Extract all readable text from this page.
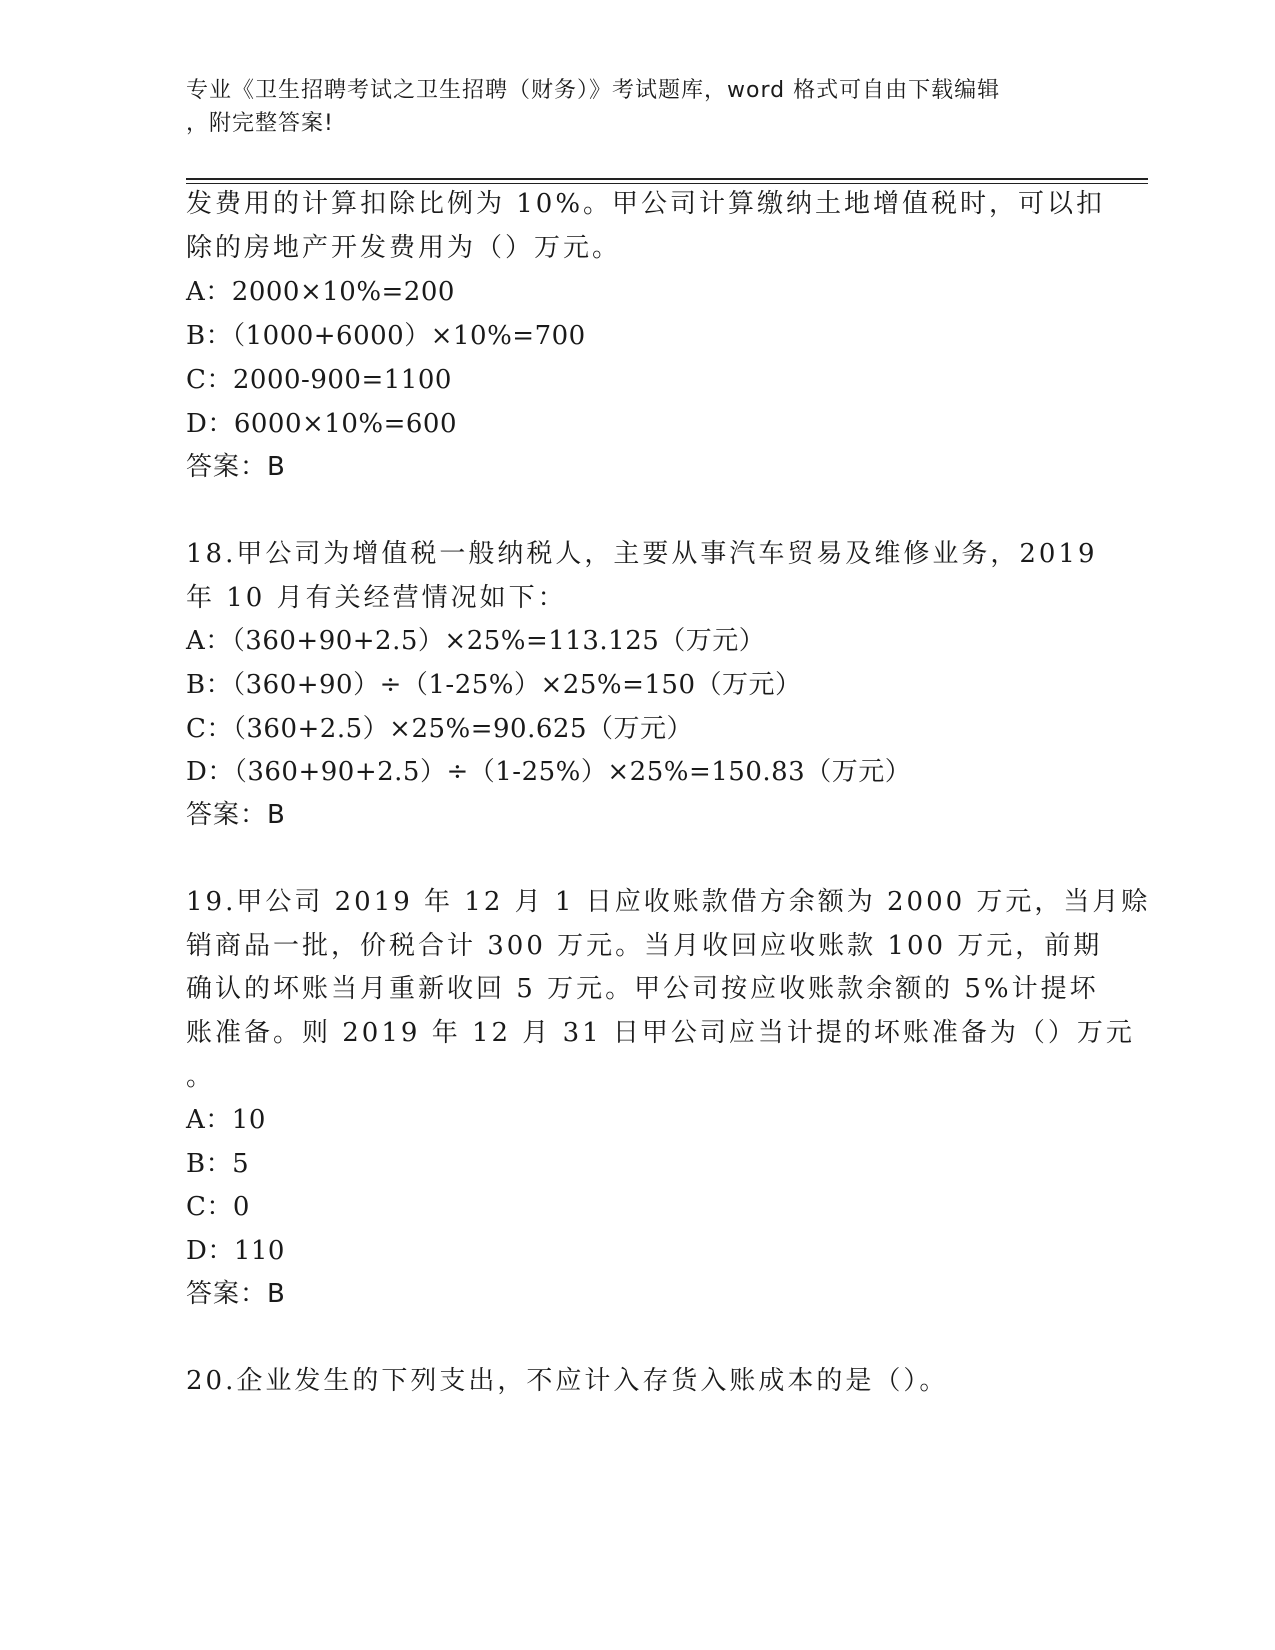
专业《卫生招聘考试之卫生招聘（财务）》考试题库，word 格式可自由下载编辑
，附完整答案!
发费用的计算扣除比例为 10%。甲公司计算缴纳土地增值税时，可以扣
除的房地产开发费用为（）万元。
A：2000×10%=200
B：（1000+6000）×10%=700
C：2000-900=1100
D：6000×10%=600
答案：B
18.甲公司为增值税一般纳税人，主要从事汽车贸易及维修业务，2019
年 10 月有关经营情况如下：
A：（360+90+2.5）×25%=113.125（万元）
B：（360+90）÷（1-25%）×25%=150（万元）
C：（360+2.5）×25%=90.625（万元）
D：（360+90+2.5）÷（1-25%）×25%=150.83（万元）
答案：B
19.甲公司 2019 年 12 月 1 日应收账款借方余额为 2000 万元，当月赊
销商品一批，价税合计 300 万元。当月收回应收账款 100 万元，前期
确认的坏账当月重新收回 5 万元。甲公司按应收账款余额的 5%计提坏
账准备。则 2019 年 12 月 31 日甲公司应当计提的坏账准备为（）万元
。
A：10
B：5
C：0
D：110
答案：B
20.企业发生的下列支出，不应计入存货入账成本的是（）。
